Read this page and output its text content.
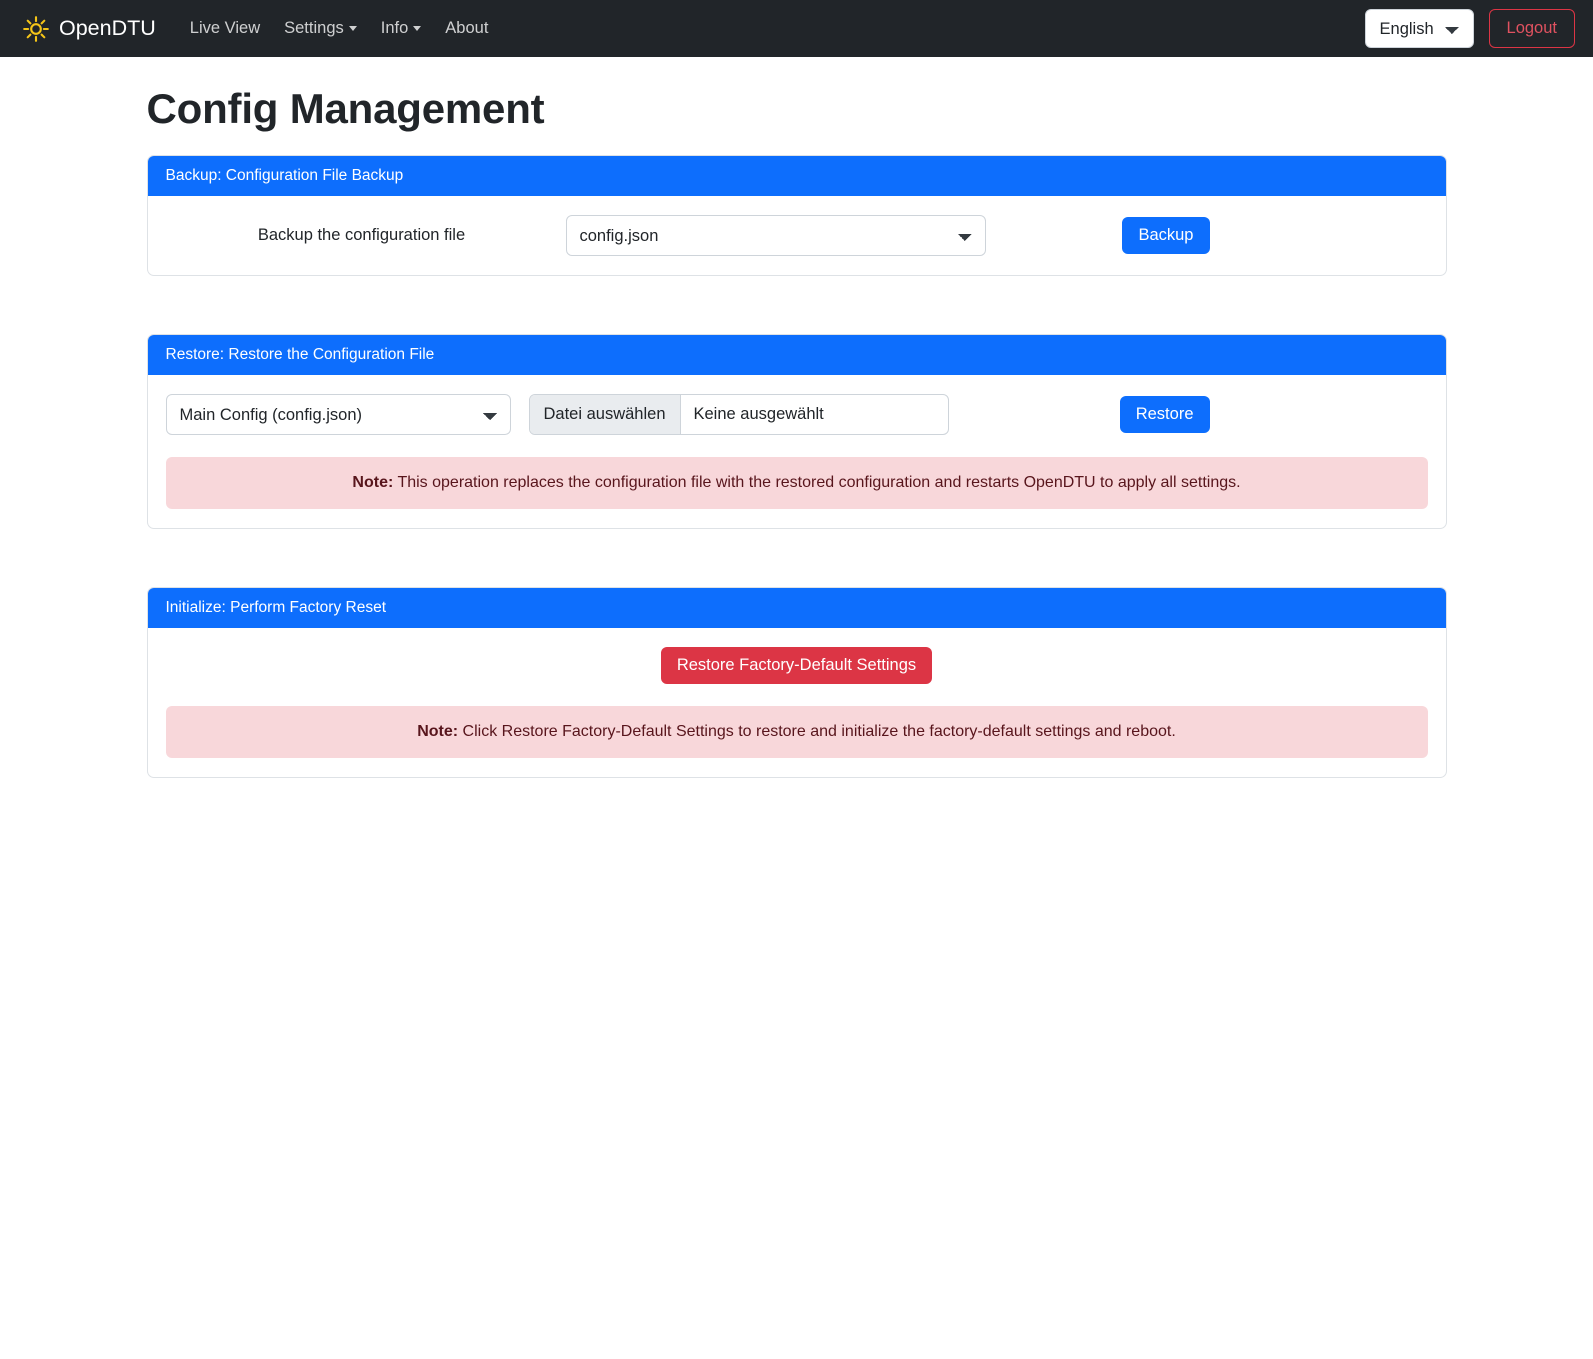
OpenDTU	Live View	Settings	Info	About
English	Logout
Config Management
Backup: Configuration File Backup
Backup the configuration file
config.json	Backup
Restore: Restore the Configuration File
Main Config (config.json)
Datei auswählen	Keine ausgewählt	Restore
Note: This operation replaces the configuration file with the restored configuration and restarts OpenDTU to apply all settings.
Initialize: Perform Factory Reset
Restore Factory-Default Settings
Note: Click Restore Factory-Default Settings to restore and initialize the factory-default settings and reboot.
